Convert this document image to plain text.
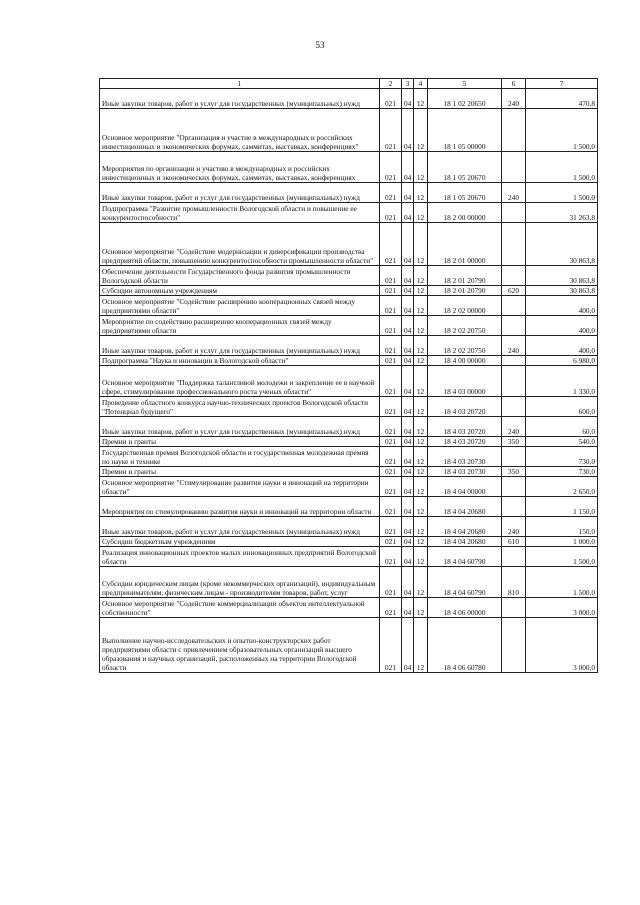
53
1	2	3	4	5	6	7
Иные закупки товаров, работ и услуг для государственных (муниципальных) нужд	021	04	12	18 1 02 20650	240	470,8
Основное мероприятие "Организация и участие в международных и российских инвестиционных и экономических форумах, саммитах, выставках, конференциях"	021	04	12	18 1 05 00000		1 500,0
Мероприятия по организации и участию в международных и российских инвестиционных и экономических форумах, саммитах, выставках, конференциях	021	04	12	18 1 05 20670		1 500,0
Иные закупки товаров, работ и услуг для государственных (муниципальных) нужд	021	04	12	18 1 05 20670	240	1 500,0
Подпрограмма "Развитие промышленности Вологодской области и повышение ее конкурентоспособности"	021	04	12	18 2 00 00000		31 263,8
Основное мероприятие "Содействие модернизации и диверсификации производства предприятий области, повышению конкурентоспособности промышленности области"	021	04	12	18 2 01 00000		30 863,8
Обеспечение деятельности Государственного фонда развития промышленности Вологодской области	021	04	12	18 2 01 20790		30 863,8
Субсидии автономным учреждениям	021	04	12	18 2 01 20790	620	30 863,8
Основное мероприятие "Содействие расширению кооперационных связей между предприятиями области"	021	04	12	18 2 02 00000		400,0
Мероприятие по содействию расширению кооперационных связей между предприятиями области	021	04	12	18 2 02 20750		400,0
Иные закупки товаров, работ и услуг для государственных (муниципальных) нужд	021	04	12	18 2 02 20750	240	400,0
Подпрограмма "Наука и инновации в Вологодской области"	021	04	12	18 4 00 00000		6 980,0
Основное мероприятие "Поддержка талантливой молодежи и закрепление ее в научной сфере, стимулирование профессионального роста ученых области"	021	04	12	18 4 03 00000		1 330,0
Проведение областного конкурса научно-технических проектов Вологодской области "Потенциал будущего"	021	04	12	18 4 03 20720		600,0
Иные закупки товаров, работ и услуг для государственных (муниципальных) нужд	021	04	12	18 4 03 20720	240	60,0
Премии и гранты	021	04	12	18 4 03 20720	350	540,0
Государственная премия Вологодской области и государственная молодежная премия по науке и технике	021	04	12	18 4 03 20730		730,0
Премии и гранты	021	04	12	18 4 03 20730	350	730,0
Основное мероприятие "Стимулирование развития науки и инноваций на территории области"	021	04	12	18 4 04 00000		2 650,0
Мероприятия по стимулированию развития науки и инноваций на территории области	021	04	12	18 4 04 20680		1 150,0
Иные закупки товаров, работ и услуг для государственных (муниципальных) нужд	021	04	12	18 4 04 20680	240	150,0
Субсидии бюджетным учреждениям	021	04	12	18 4 04 20680	610	1 000,0
Реализация инновационных проектов малых инновационных предприятий Вологодской области	021	04	12	18 4 04 60790		1 500,0
Субсидии юридическим лицам (кроме некоммерческих организаций), индивидуальным предпринимателям, физическим лицам - производителям товаров, работ, услуг	021	04	12	18 4 04 60790	810	1 500,0
Основное мероприятие "Содействие коммерциализации объектов интеллектуальной собственности"	021	04	12	18 4 06 00000		3 000,0
Выполнение научно-исследовательских и опытно-конструкторских работ предприятиями области с привлечением образовательных организаций высшего образования и научных организаций, расположенных на территории Вологодской области	021	04	12	18 4 06 60780		3 000,0
